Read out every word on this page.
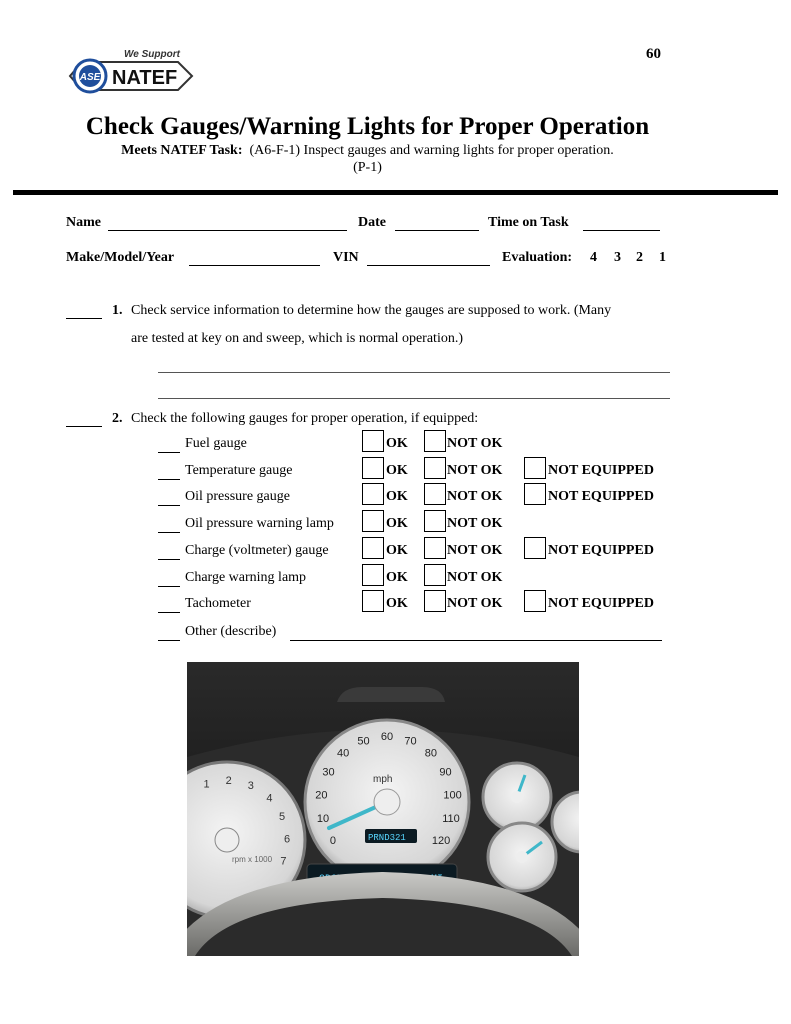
We Support
ASE NATEF
60
Check Gauges/Warning Lights for Proper Operation
Meets NATEF Task: (A6-F-1) Inspect gauges and warning lights for proper operation.
(P-1)
Name	Date	Time on Task
Make/Model/Year	VIN	Evaluation: 4 3 2 1
1. Check service information to determine how the gauges are supposed to work. (Many
are tested at key on and sweep, which is normal operation.)
2. Check the following gauges for proper operation, if equipped:
Fuel gauge	OK	NOT OK
Temperature gauge	OK	NOT OK	NOT EQUIPPED
Oil pressure gauge	OK	NOT OK	NOT EQUIPPED
Oil pressure warning lamp	OK	NOT OK
Charge (voltmeter) gauge	OK	NOT OK	NOT EQUIPPED
Charge warning lamp	OK	NOT OK
Tachometer	OK	NOT OK	NOT EQUIPPED
Other (describe)
rpm x 1000
0
10
20
30
40
50 60 70
80
90
100
110
120
mph
PRND321
1 2 3
4
5
6
7
